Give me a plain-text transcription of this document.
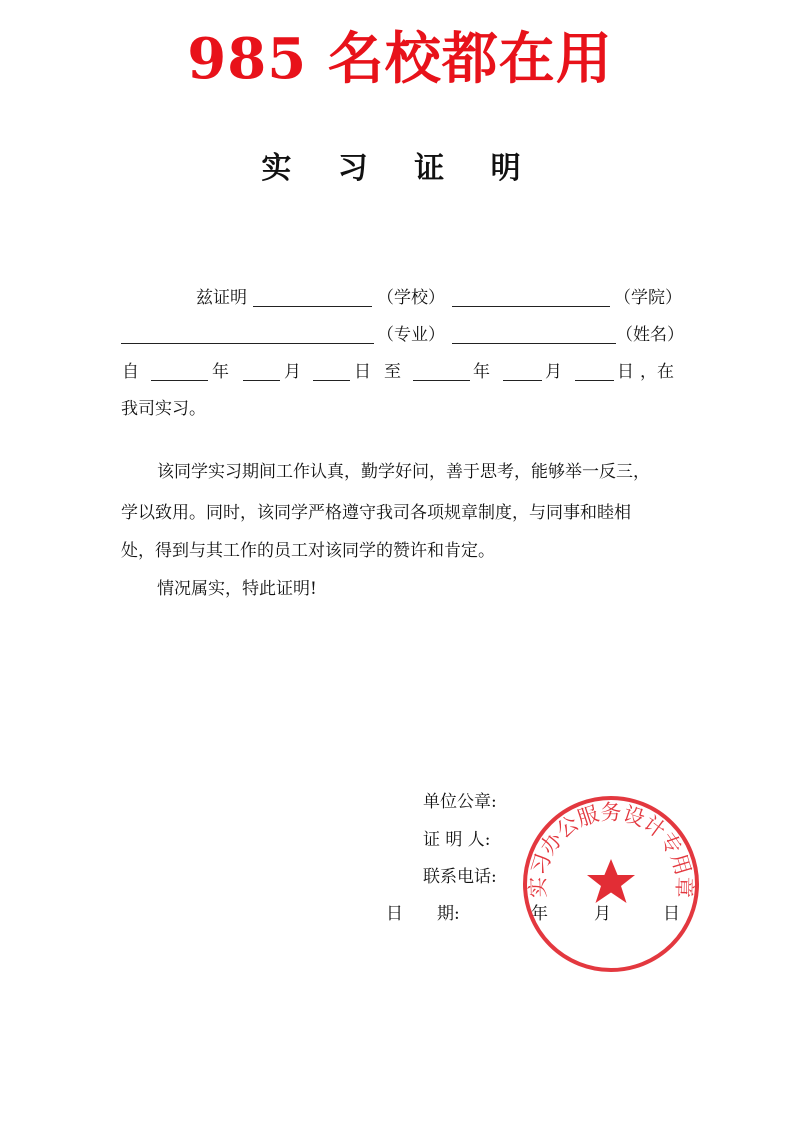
985 名校都在用
实 习 证 明
兹证明	（学校）	（学院）
（专业）	（姓名）
自	年	月	日 至	年	月	日 ，在
我司实习。
该同学实习期间工作认真，勤学好问，善于思考，能够举一反三，
学以致用。同时，该同学严格遵守我司各项规章制度，与同事和睦相
处，得到与其工作的员工对该同学的赞许和肯定。
情况属实，特此证明!
单位公章:
证 明 人:
联系电话:
日　　期:	年	月	日
实习办公服务设计专用章
